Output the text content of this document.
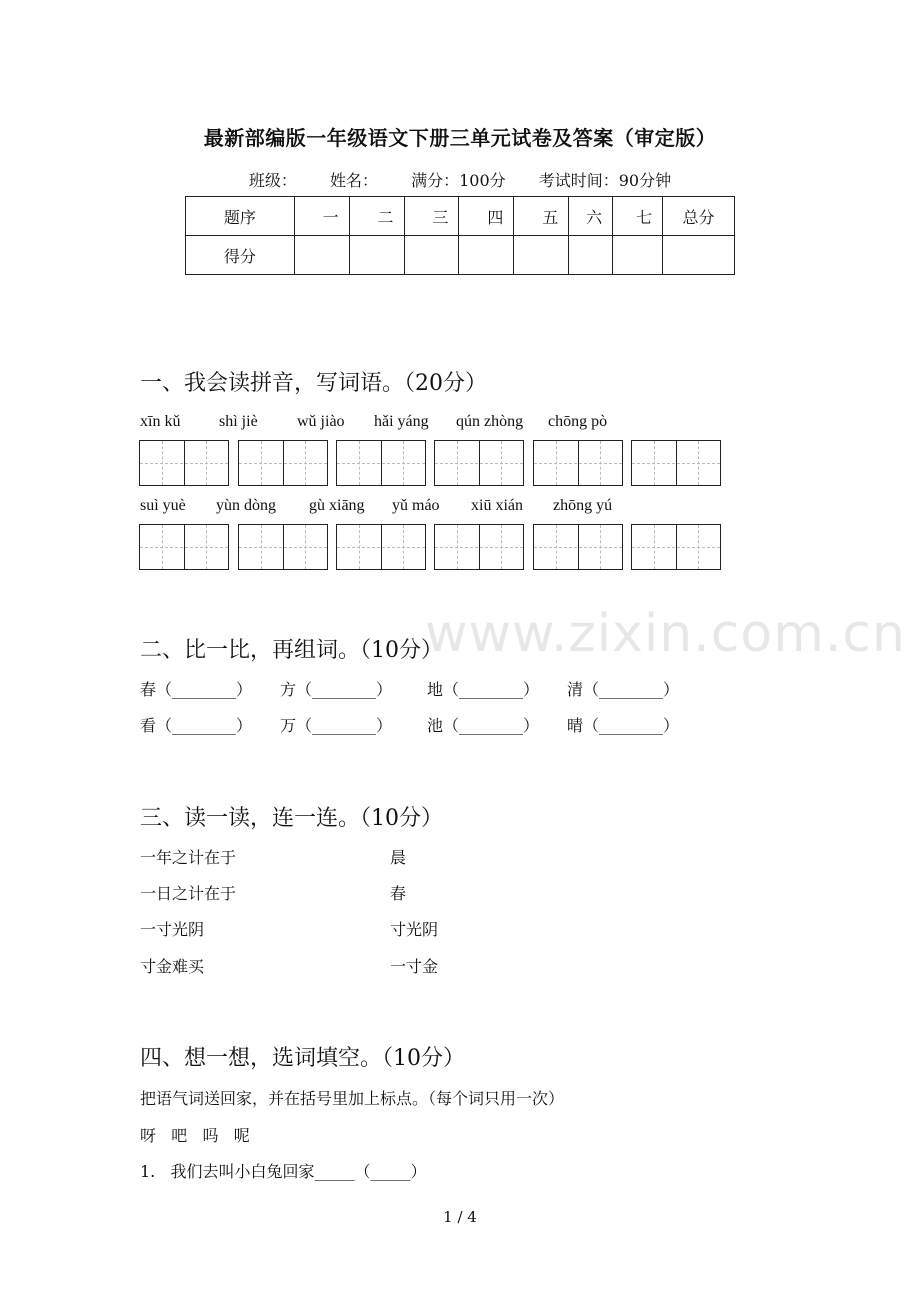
最新部编版一年级语文下册三单元试卷及答案（审定版）
班级： 姓名： 满分：100分 考试时间：90分钟
题序	一	二	三	四	五	六	七	总分
得分								
一、我会读拼音，写词语。（20分）
xīn kǔ shì jiè wǔ jiào hǎi yáng qún zhòng chōng pò
suì yuè yùn dòng gù xiāng yǔ máo xiū xián zhōng yú
www.zixin.com.cn
二、比一比，再组词。（10分）
春（________） 方（________） 地（________） 清（________）
看（________） 万（________） 池（________） 晴（________）
三、读一读，连一连。（10分）
一年之计在于	晨
一日之计在于	春
一寸光阴	寸光阴
寸金难买	一寸金
四、想一想，选词填空。（10分）
把语气词送回家，并在括号里加上标点。（每个词只用一次）
呀   吧   吗   呢
1.   我们去叫小白兔回家_____（_____）
1 / 4
